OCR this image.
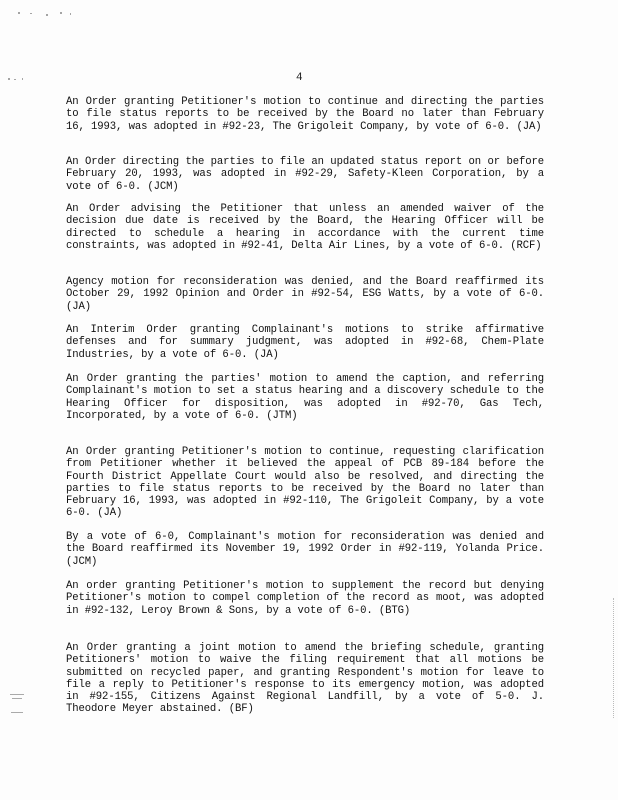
4

An Order granting Petitioner's motion to continue and directing the parties to file status reports to be received by the Board no later than February 16, 1993, was adopted in #92-23, The Grigoleit Company, by vote of 6-0. (JA)

An Order directing the parties to file an updated status report on or before February 20, 1993, was adopted in #92-29, Safety-Kleen Corporation, by a vote of 6-0. (JCM)

An Order advising the Petitioner that unless an amended waiver of the decision due date is received by the Board, the Hearing Officer will be directed to schedule a hearing in accordance with the current time constraints, was adopted in #92-41, Delta Air Lines, by a vote of 6-0. (RCF)

Agency motion for reconsideration was denied, and the Board reaffirmed its October 29, 1992 Opinion and Order in #92-54, ESG Watts, by a vote of 6-0. (JA)

An Interim Order granting Complainant's motions to strike affirmative defenses and for summary judgment, was adopted in #92-68, Chem-Plate Industries, by a vote of 6-0. (JA)

An Order granting the parties' motion to amend the caption, and referring Complainant's motion to set a status hearing and a discovery schedule to the Hearing Officer for disposition, was adopted in #92-70, Gas Tech, Incorporated, by a vote of 6-0. (JTM)

An Order granting Petitioner's motion to continue, requesting clarification from Petitioner whether it believed the appeal of PCB 89-184 before the Fourth District Appellate Court would also be resolved, and directing the parties to file status reports to be received by the Board no later than February 16, 1993, was adopted in #92-110, The Grigoleit Company, by a vote 6-0. (JA)

By a vote of 6-0, Complainant's motion for reconsideration was denied and the Board reaffirmed its November 19, 1992 Order in #92-119, Yolanda Price. (JCM)

An order granting Petitioner's motion to supplement the record but denying Petitioner's motion to compel completion of the record as moot, was adopted in #92-132, Leroy Brown & Sons, by a vote of 6-0. (BTG)

An Order granting a joint motion to amend the briefing schedule, granting Petitioners' motion to waive the filing requirement that all motions be submitted on recycled paper, and granting Respondent's motion for leave to file a reply to Petitioner's response to its emergency motion, was adopted in #92-155, Citizens Against Regional Landfill, by a vote of 5-0. J. Theodore Meyer abstained. (BF)
